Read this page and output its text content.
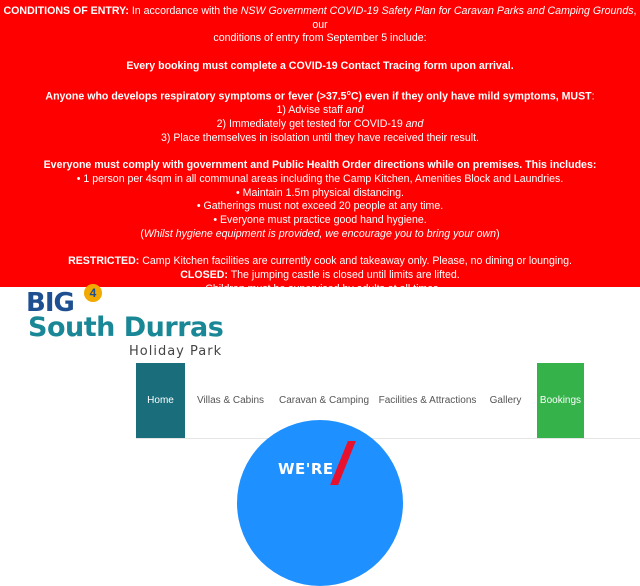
CONDITIONS OF ENTRY: In accordance with the NSW Government COVID-19 Safety Plan for Caravan Parks and Camping Grounds, our

conditions of entry from September 5 include:

Every booking must complete a COVID-19 Contact Tracing form upon arrival.

Anyone who develops respiratory symptoms or fever $(>37.5^oC)$ even if they only have mild symptoms, MUST:

1) Advise staff and

2) Immediately get tested for COVID-19 and

3) Place themselves in isolation until they have received their result.

Everyone must comply with government and Public Health Order directions while on premises. This includes:

• 1 person per 4sqm in all communal areas including the Camp Kitchen, Amenities Block and Laundries.

• Maintain 1.5m physical distancing.

• Gatherings must not exceed 20 people at any time.

• Everyone must practice good hand hygiene.

(Whilst hygiene equipment is provided, we encourage you to bring your own)

RESTRICTED: Camp Kitchen facilities are currently cook and takeaway only. Please, no dining or lounging.

CLOSED: The jumping castle is closed until limits are lifted.

• Children must be supervised by adults at all times.

• Park rules and conditions and all staff instructions must be followed.

BIG	4
South Durras
Holiday Park
Home	Villas & Cabins	Caravan & Camping Facilities & Attractions	Gallery	Bookings
WE'RE
